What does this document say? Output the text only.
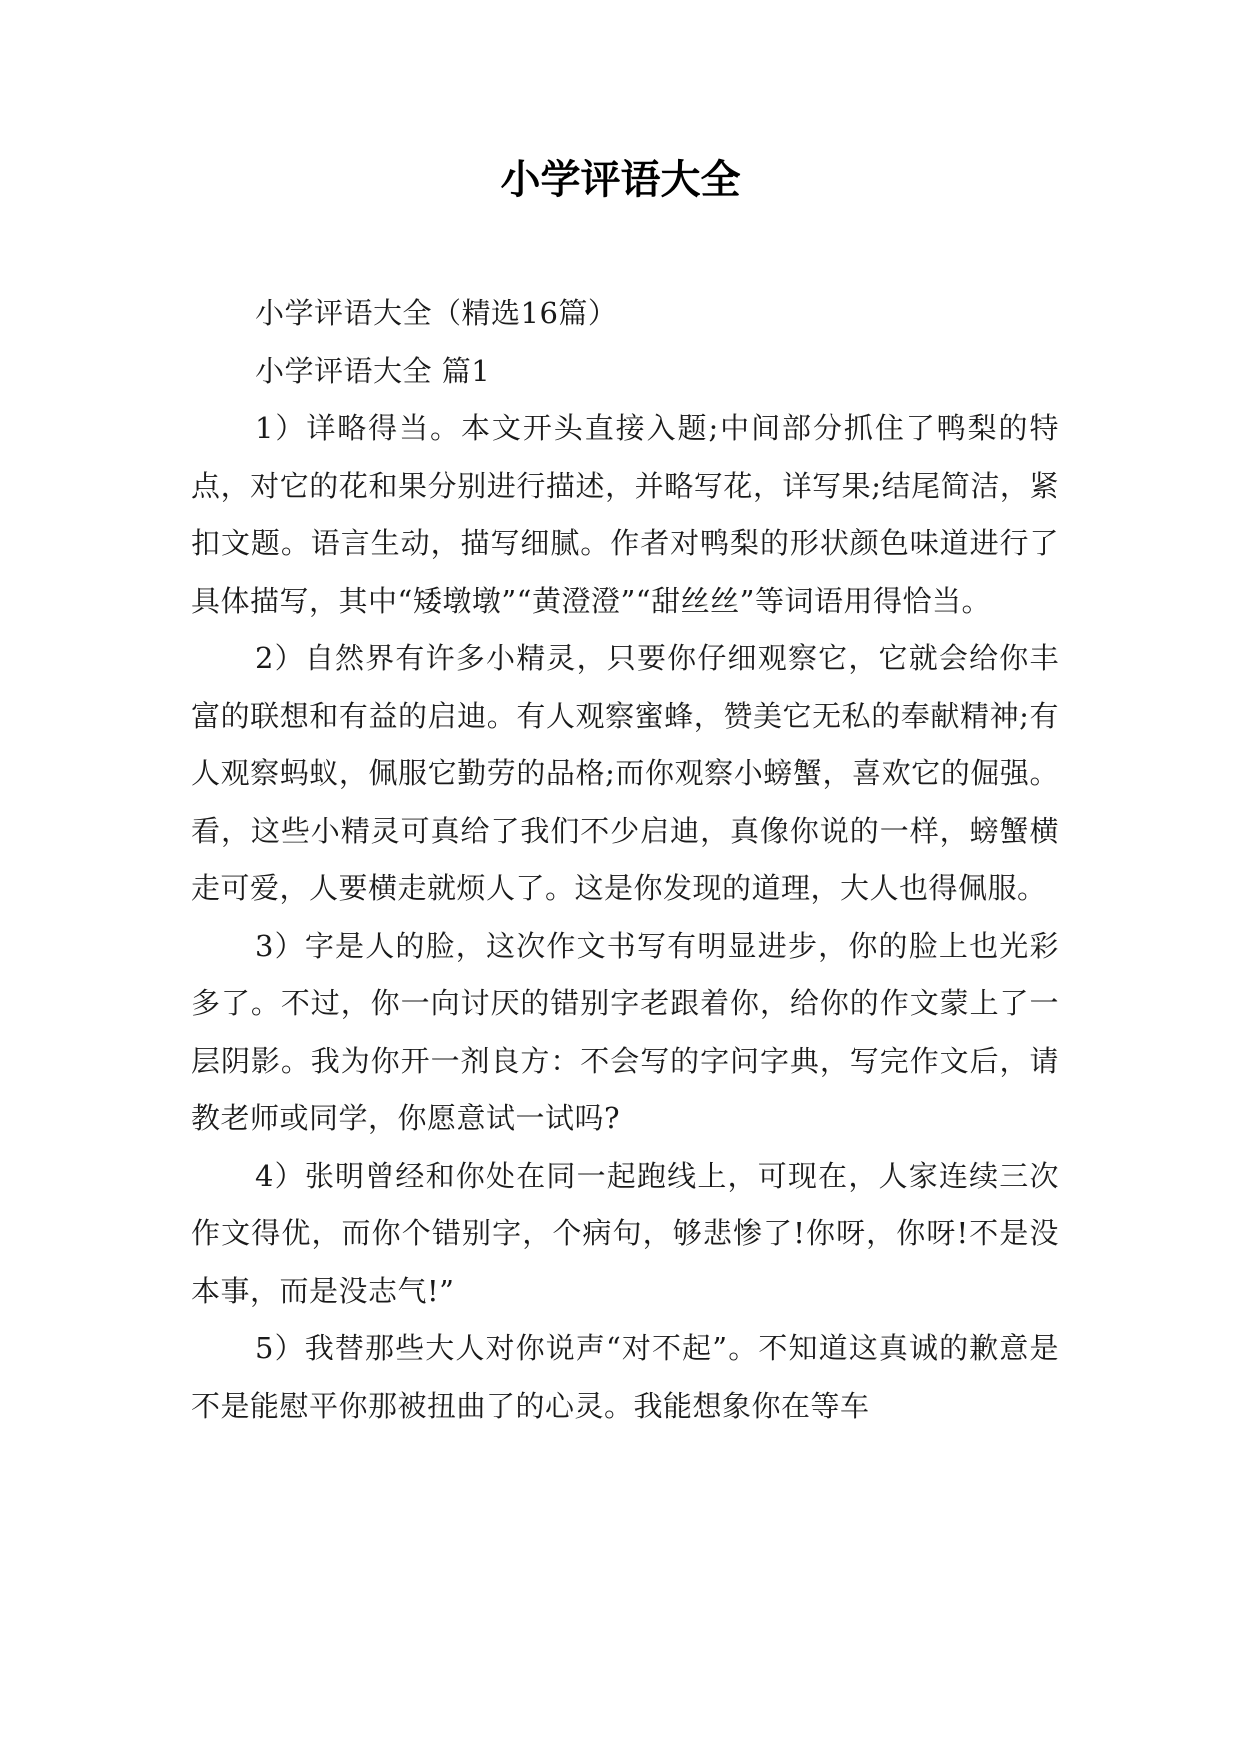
小学评语大全

小学评语大全（精选16篇）

小学评语大全 篇1

1）详略得当。本文开头直接入题;中间部分抓住了鸭梨的特点，对它的花和果分别进行描述，并略写花，详写果;结尾简洁，紧扣文题。语言生动，描写细腻。作者对鸭梨的形状颜色味道进行了具体描写，其中“矮墩墩”“黄澄澄”“甜丝丝”等词语用得恰当。

2）自然界有许多小精灵，只要你仔细观察它，它就会给你丰富的联想和有益的启迪。有人观察蜜蜂，赞美它无私的奉献精神;有人观察蚂蚁，佩服它勤劳的品格;而你观察小螃蟹，喜欢它的倔强。看，这些小精灵可真给了我们不少启迪，真像你说的一样，螃蟹横走可爱，人要横走就烦人了。这是你发现的道理，大人也得佩服。

3）字是人的脸，这次作文书写有明显进步，你的脸上也光彩多了。不过，你一向讨厌的错别字老跟着你，给你的作文蒙上了一层阴影。我为你开一剂良方：不会写的字问字典，写完作文后，请教老师或同学，你愿意试一试吗?

4）张明曾经和你处在同一起跑线上，可现在，人家连续三次作文得优，而你个错别字，个病句，够悲惨了!你呀，你呀!不是没本事，而是没志气!”

5）我替那些大人对你说声“对不起”。不知道这真诚的歉意是不是能慰平你那被扭曲了的心灵。我能想象你在等车
